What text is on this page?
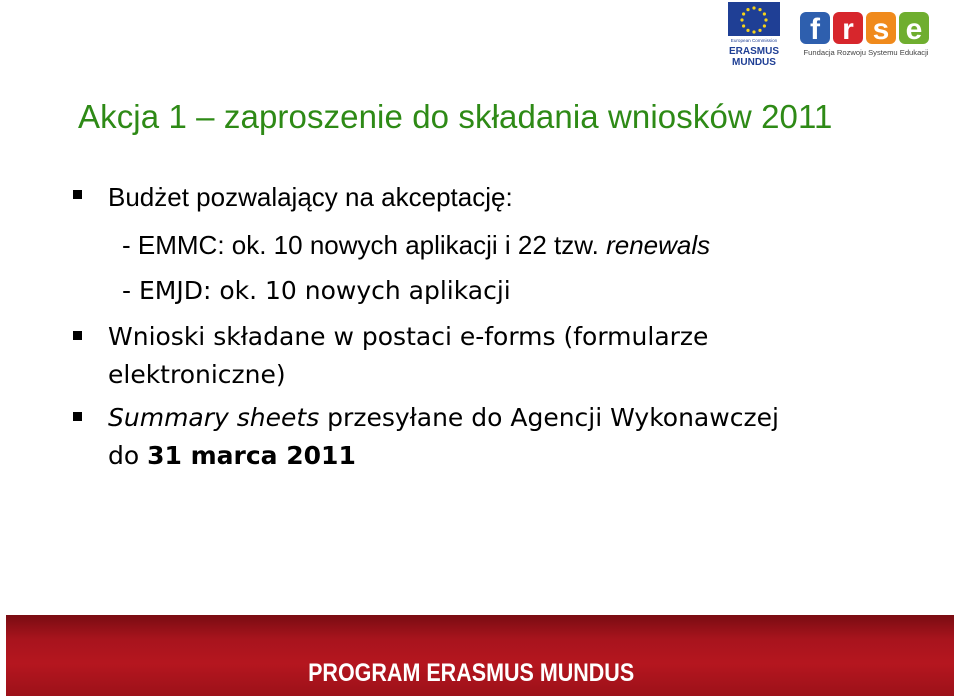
European Commission
ERASMUS
MUNDUS
f r s e
Fundacja Rozwoju Systemu Edukacji
Akcja 1 – zaproszenie do składania wniosków 2011
Budżet pozwalający na akceptację:
- EMMC: ok. 10 nowych aplikacji i 22 tzw. renewals
- EMJD: ok. 10 nowych aplikacji
Wnioski składane w postaci e-forms (formularze
elektroniczne)
Summary sheets przesyłane do Agencji Wykonawczej
do 31 marca 2011
PROGRAM ERASMUS MUNDUS
